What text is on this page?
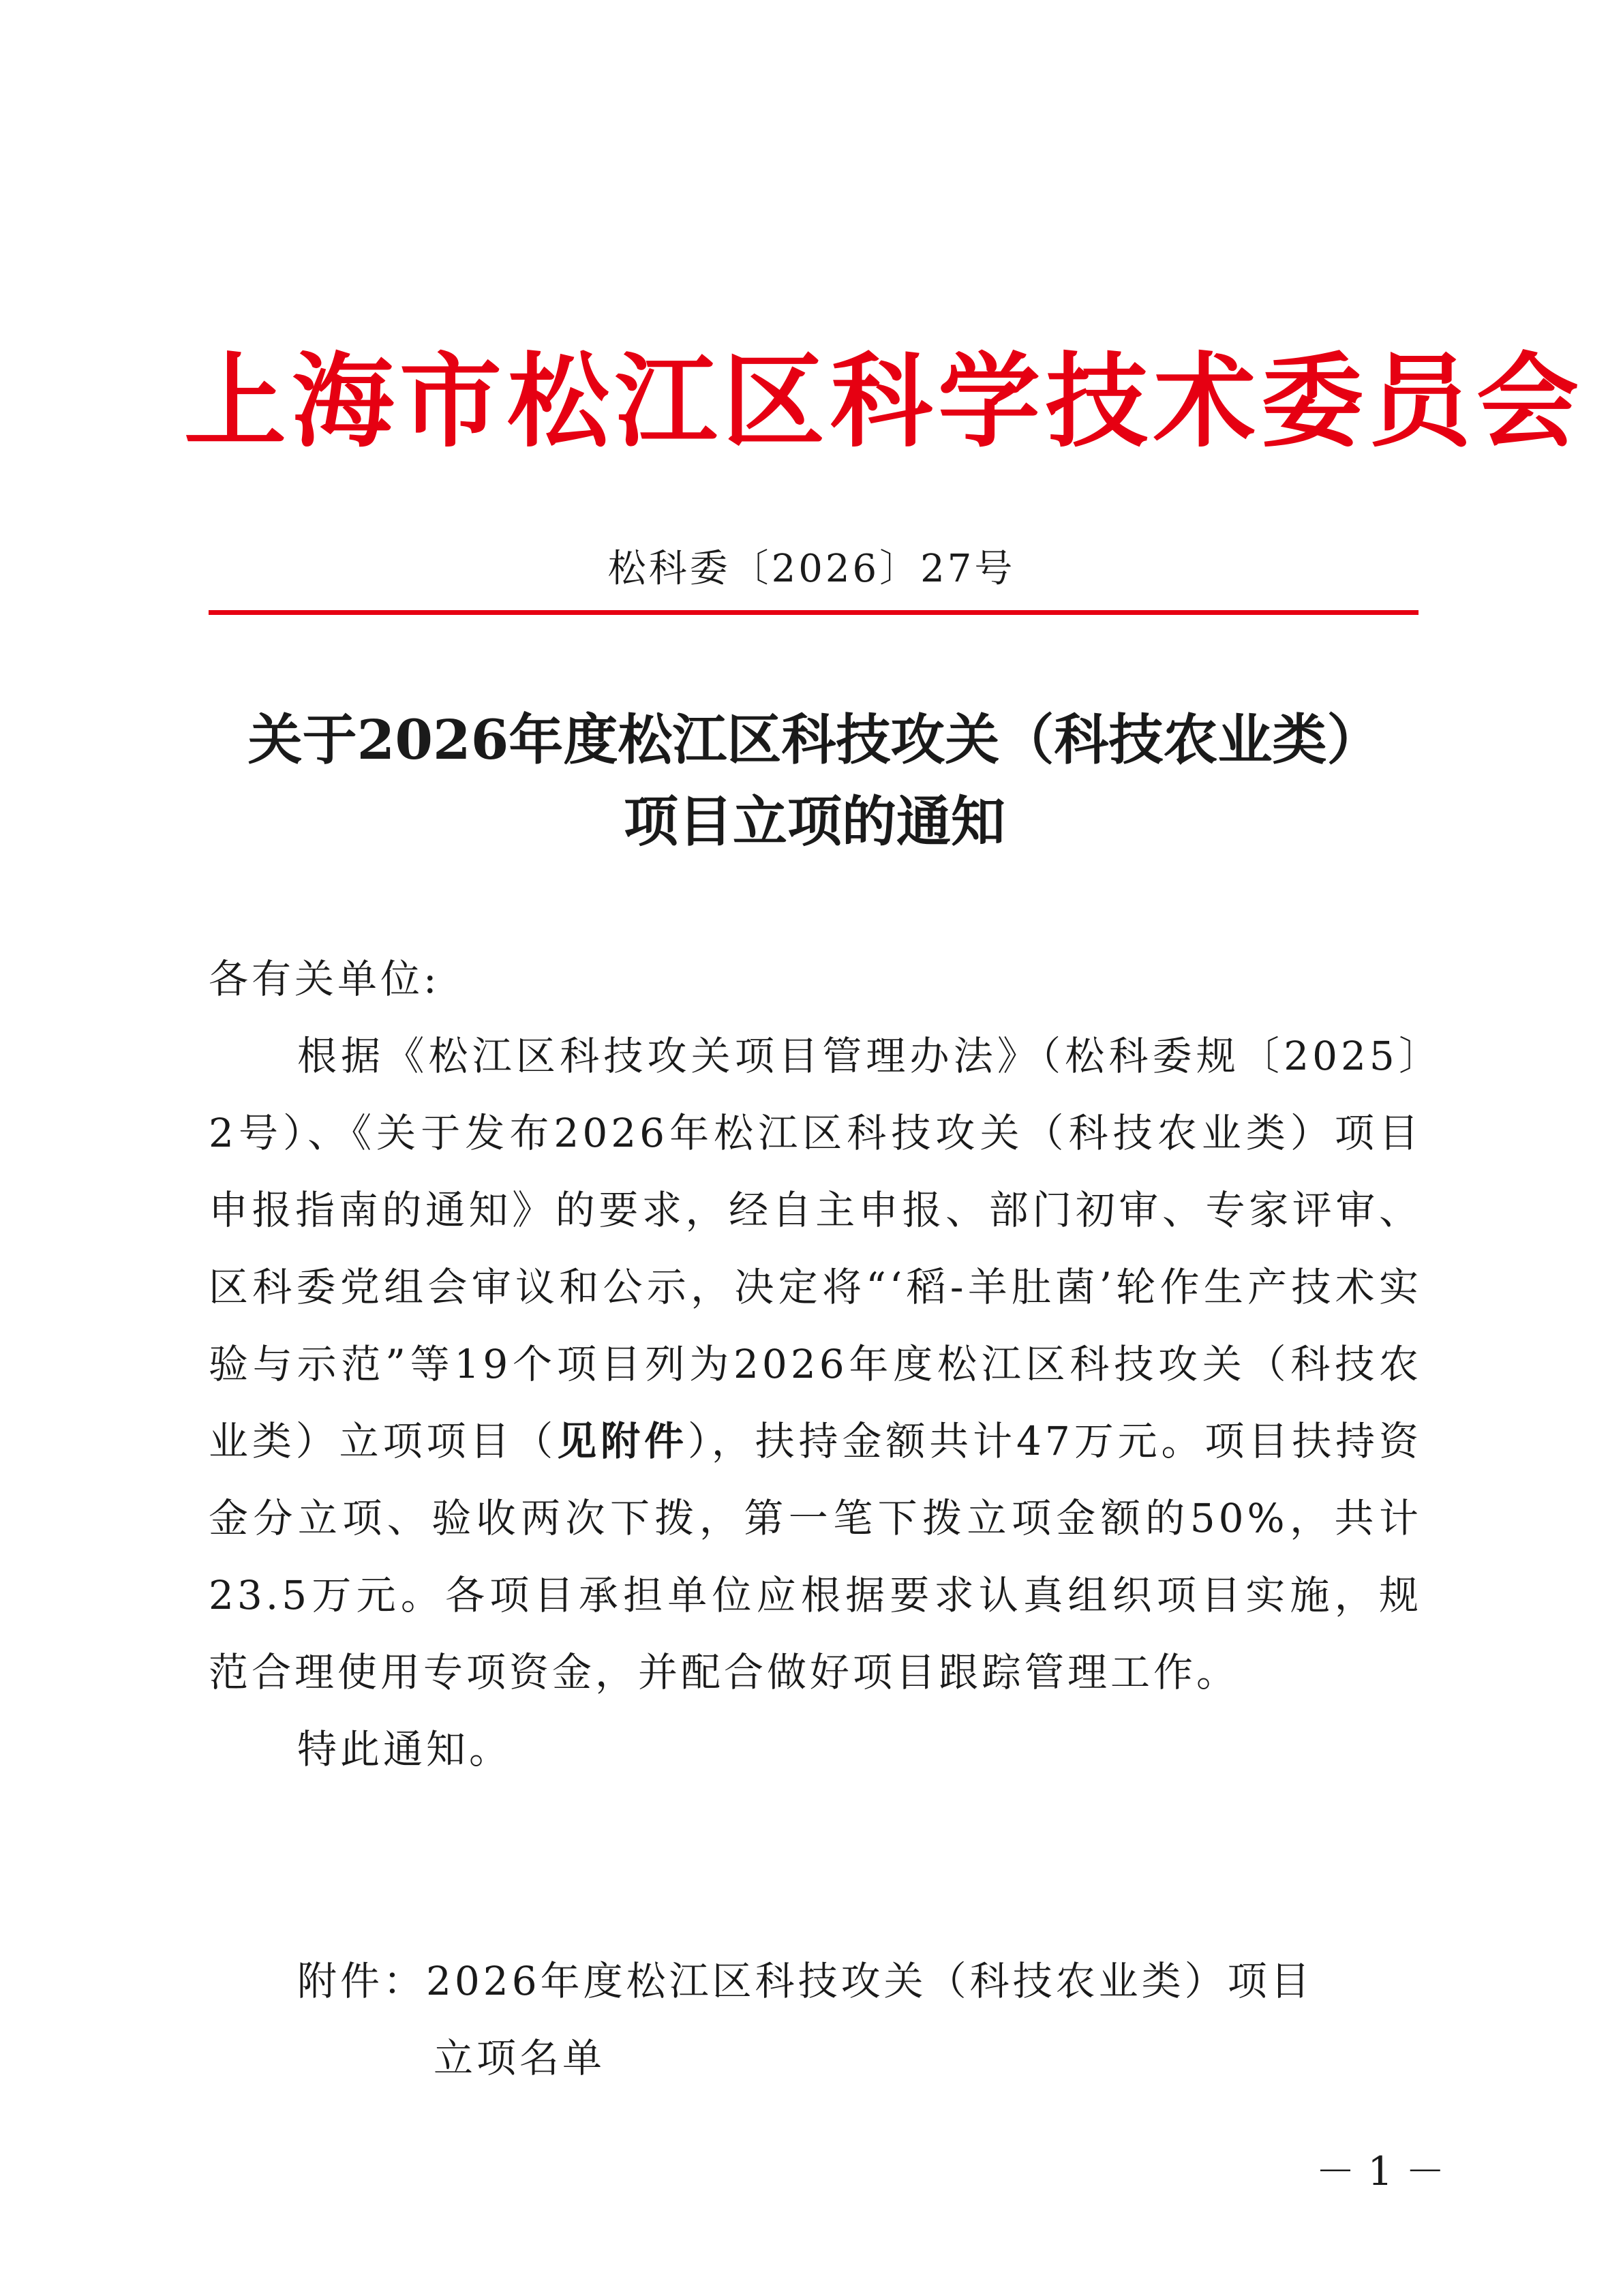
上海市松江区科学技术委员会
松科委〔2026〕27号
关于2026年度松江区科技攻关（科技农业类）
项目立项的通知
各有关单位:

根据《松江区科技攻关项目管理办法》（松科委规〔2025〕2号）、《关于发布2026年松江区科技攻关（科技农业类）项目申报指南的通知》的要求，经自主申报、部门初审、专家评审、区科委党组会审议和公示，决定将“‘稻-羊肚菌’轮作生产技术实验与示范”等19个项目列为2026年度松江区科技攻关（科技农业类）立项项目（见附件），扶持金额共计47万元。项目扶持资金分立项、验收两次下拨，第一笔下拨立项金额的50%，共计23.5万元。各项目承担单位应根据要求认真组织项目实施，规范合理使用专项资金，并配合做好项目跟踪管理工作。

特此通知。
附件：2026年度松江区科技攻关（科技农业类）项目
立项名单
－ 1 －
